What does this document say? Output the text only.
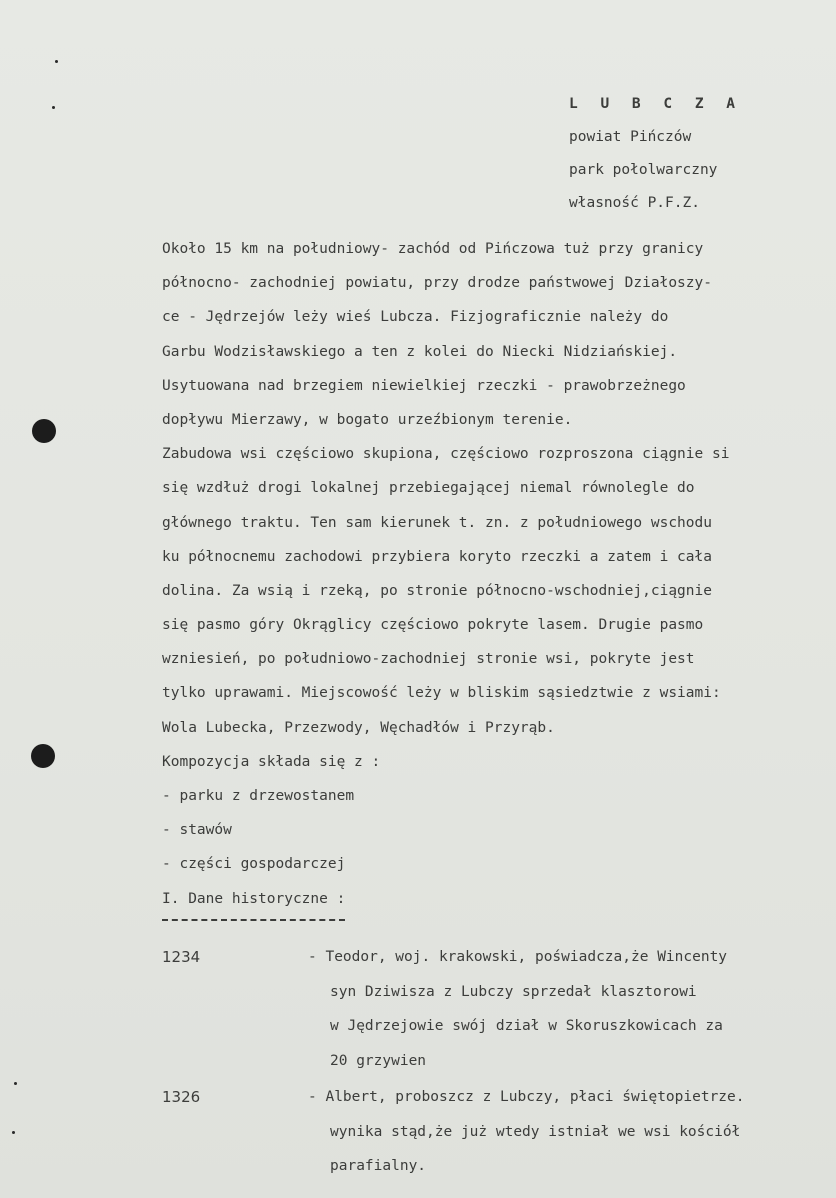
L U B C Z A
powiat Pińczów
park połolwarczny
własność P.F.Z.
Około 15 km na południowy- zachód od Pińczowa tuż przy granicy
północno- zachodniej powiatu, przy drodze państwowej Działoszy-
ce - Jędrzejów leży wieś Lubcza. Fizjograficznie należy do
Garbu Wodzisławskiego a ten z kolei do Niecki Nidziańskiej.
Usytuowana nad brzegiem niewielkiej rzeczki - prawobrzeżnego
dopływu Mierzawy, w bogato urzeźbionym terenie.
Zabudowa wsi częściowo skupiona, częściowo rozproszona ciągnie si
się wzdłuż drogi lokalnej przebiegającej niemal równolegle do
głównego traktu. Ten sam kierunek t. zn. z południowego wschodu
ku północnemu zachodowi przybiera koryto rzeczki a zatem i cała
dolina. Za wsią i rzeką, po stronie północno-wschodniej,ciągnie
się pasmo góry Okrąglicy częściowo pokryte lasem. Drugie pasmo
wzniesień, po południowo-zachodniej stronie wsi, pokryte jest
tylko uprawami. Miejscowość leży w bliskim sąsiedztwie z wsiami:
Wola Lubecka, Przezwody, Węchadłów i Przyrąb.
Kompozycja składa się z :
- parku z drzewostanem
- stawów
- części gospodarczej
I. Dane historyczne :
1234	- Teodor, woj. krakowski, poświadcza,że Wincenty
syn Dziwisza z Lubczy sprzedał klasztorowi
w Jędrzejowie swój dział w Skoruszkowicach za
20 grzywien
1326	- Albert, proboszcz z Lubczy, płaci świętopietrze.
wynika stąd,że już wtedy istniał we wsi kościół
parafialny.
